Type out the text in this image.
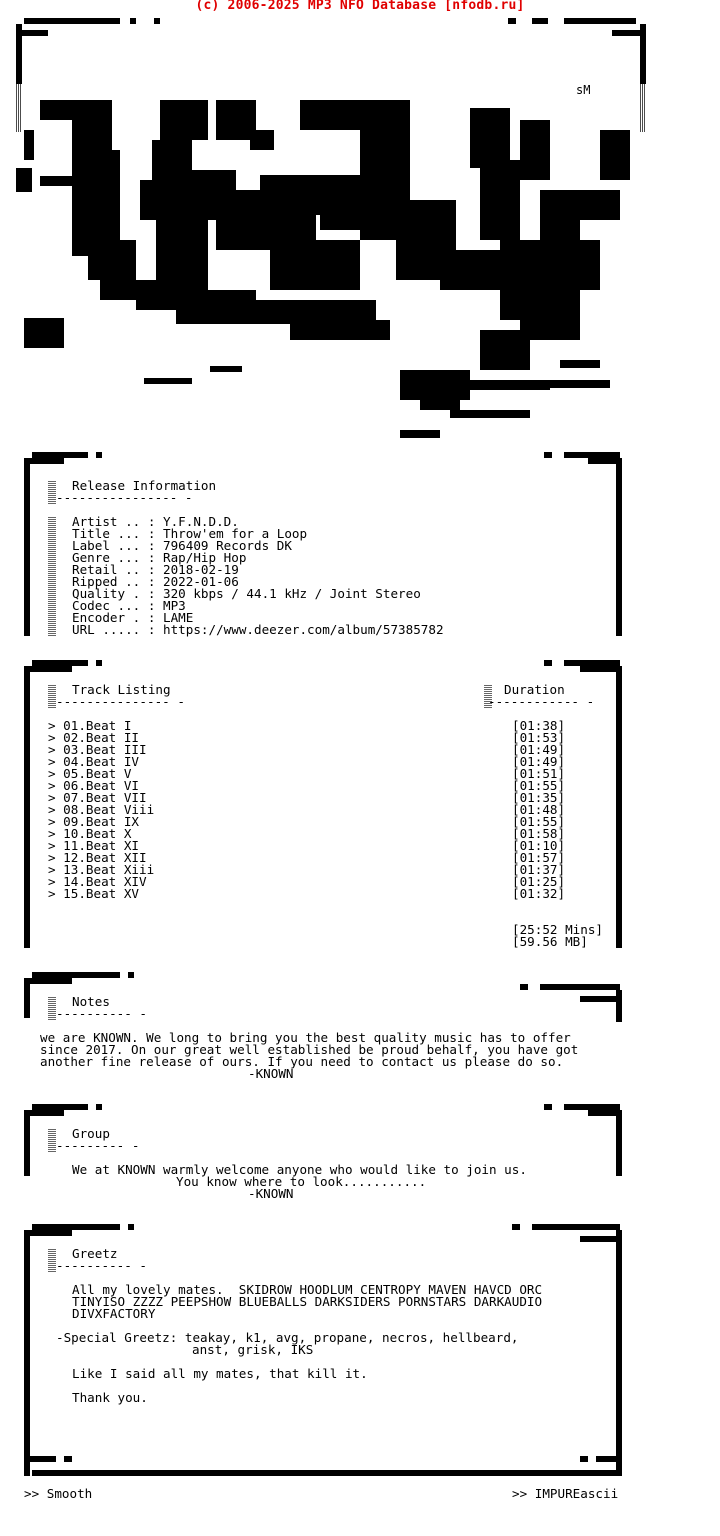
(c) 2006-2025 MP3 NFO Database [nfodb.ru]
sM
Release Information
---------------- -
Artist .. : Y.F.N.D.D.
Title ... : Throw'em for a Loop
Label ... : 796409 Records DK
Genre ... : Rap/Hip Hop
Retail .. : 2018-02-19
Ripped .. : 2022-01-06
Quality . : 320 kbps / 44.1 kHz / Joint Stereo
Codec ... : MP3
Encoder . : LAME
URL ..... : https://www.deezer.com/album/57385782
Track Listing
--------------- -
Duration
------------ -
> 01.Beat I
> 02.Beat II
> 03.Beat III
> 04.Beat IV
> 05.Beat V
> 06.Beat VI
> 07.Beat VII
> 08.Beat Viii
> 09.Beat IX
> 10.Beat X
> 11.Beat XI
> 12.Beat XII
> 13.Beat Xiii
> 14.Beat XIV
> 15.Beat XV
[01:38]
[01:53]
[01:49]
[01:49]
[01:51]
[01:55]
[01:35]
[01:48]
[01:55]
[01:58]
[01:10]
[01:57]
[01:37]
[01:25]
[01:32]
[25:52 Mins]
[59.56 MB]
Notes
---------- -
we are KNOWN. We long to bring you the best quality music has to offer
since 2017. On our great well established be proud behalf, you have got
another fine release of ours. If you need to contact us please do so.
-KNOWN
Group
--------- -
We at KNOWN warmly welcome anyone who would like to join us.
You know where to look...........
-KNOWN
Greetz
---------- -
All my lovely mates.  SKIDROW HOODLUM CENTROPY MAVEN HAVCD ORC
TINYISO ZZZZ PEEPSHOW BLUEBALLS DARKSIDERS PORNSTARS DARKAUDIO
DIVXFACTORY
-Special Greetz: teakay, k1, avg, propane, necros, hellbeard,
anst, grisk, IKS
Like I said all my mates, that kill it.
Thank you.
>> Smooth	>> IMPUREascii
